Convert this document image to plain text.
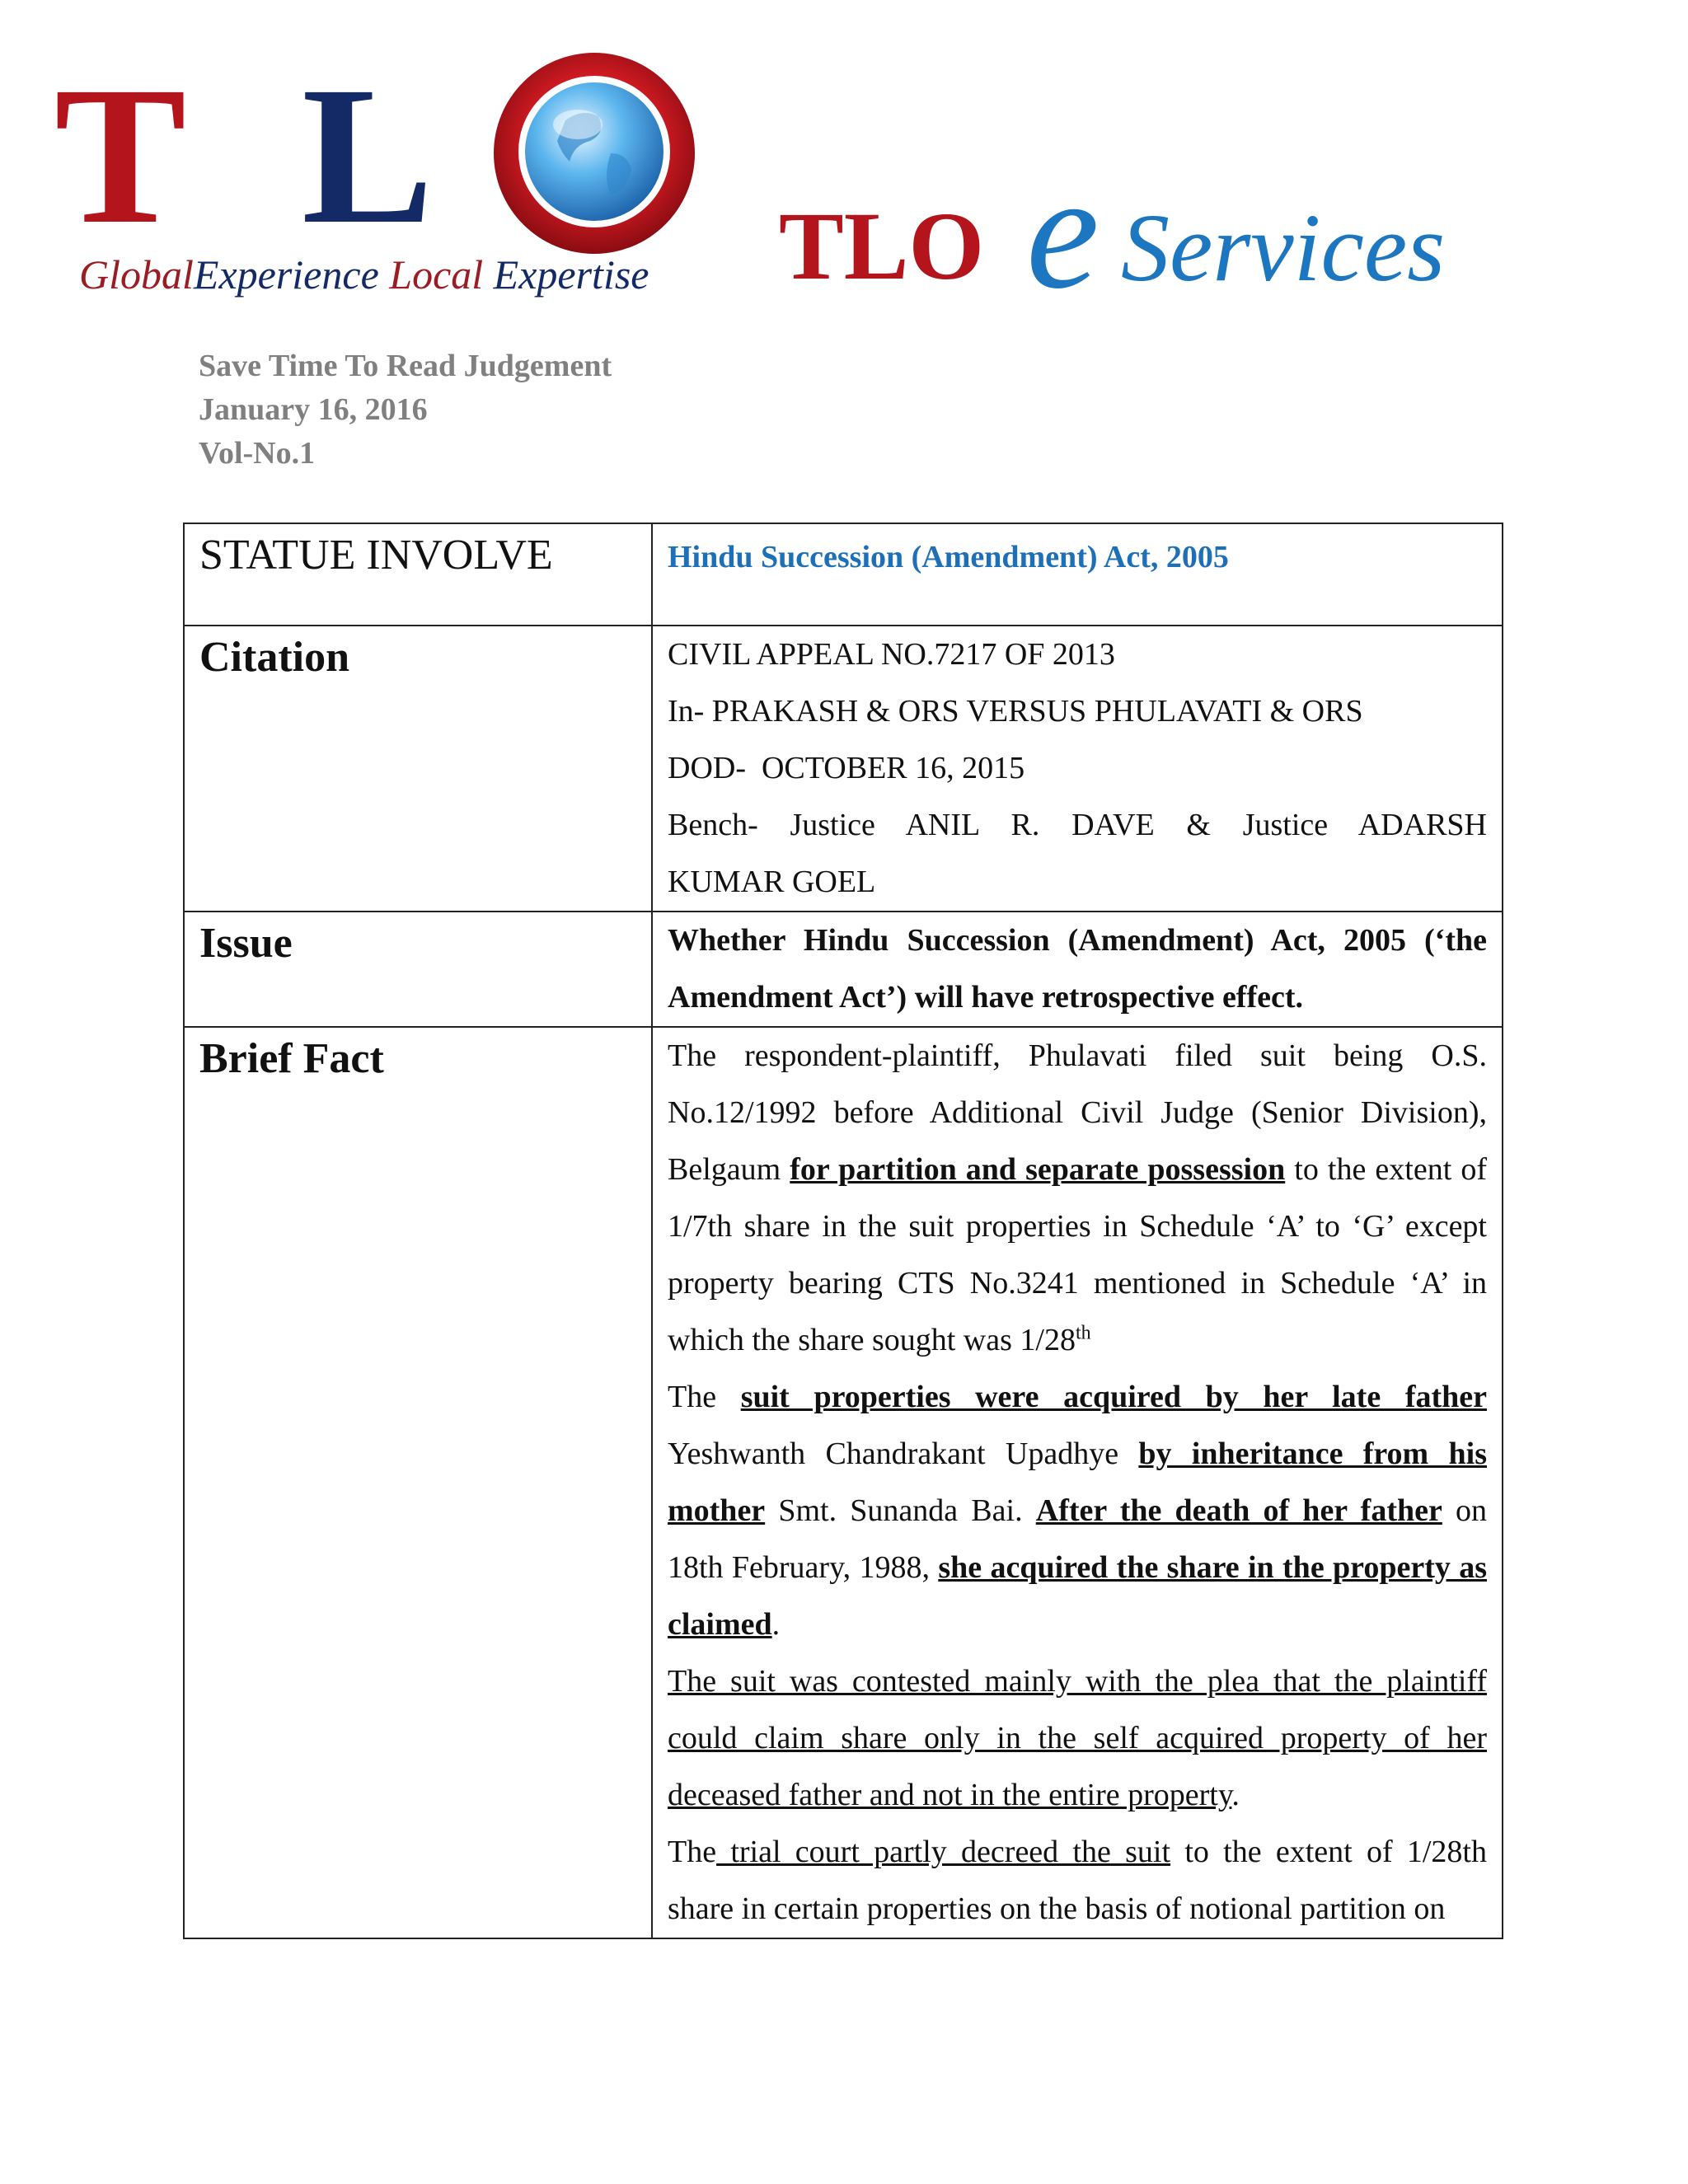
T L
GlobalExperience Local Expertise TLO e Services
Save Time To Read Judgement
January 16, 2016
Vol-No.1
STATUE INVOLVE	Hindu Succession (Amendment) Act, 2005
Citation	CIVIL APPEAL NO.7217 OF 2013
In- PRAKASH & ORS VERSUS PHULAVATI & ORS
DOD-  OCTOBER 16, 2015
Bench- Justice ANIL R. DAVE & Justice ADARSH
KUMAR GOEL

Issue	Whether Hindu Succession (Amendment) Act, 2005 (‘the Amendment Act’) will have retrospective effect.
Brief Fact	The respondent-plaintiff, Phulavati filed suit being O.S. No.12/1992 before Additional Civil Judge (Senior Division), Belgaum for partition and separate possession to the extent of 1/7th share in the suit properties in Schedule ‘A’ to ‘G’ except property bearing CTS No.3241 mentioned in Schedule ‘A’ in which the share sought was 1/28th
The suit properties were acquired by her late father Yeshwanth Chandrakant Upadhye by inheritance from his mother Smt. Sunanda Bai. After the death of her father on 18th February, 1988, she acquired the share in the property as claimed.
The suit was contested mainly with the plea that the plaintiff could claim share only in the self acquired property of her deceased father and not in the entire property.
The trial court partly decreed the suit to the extent of 1/28th share in certain properties on the basis of notional partition on
